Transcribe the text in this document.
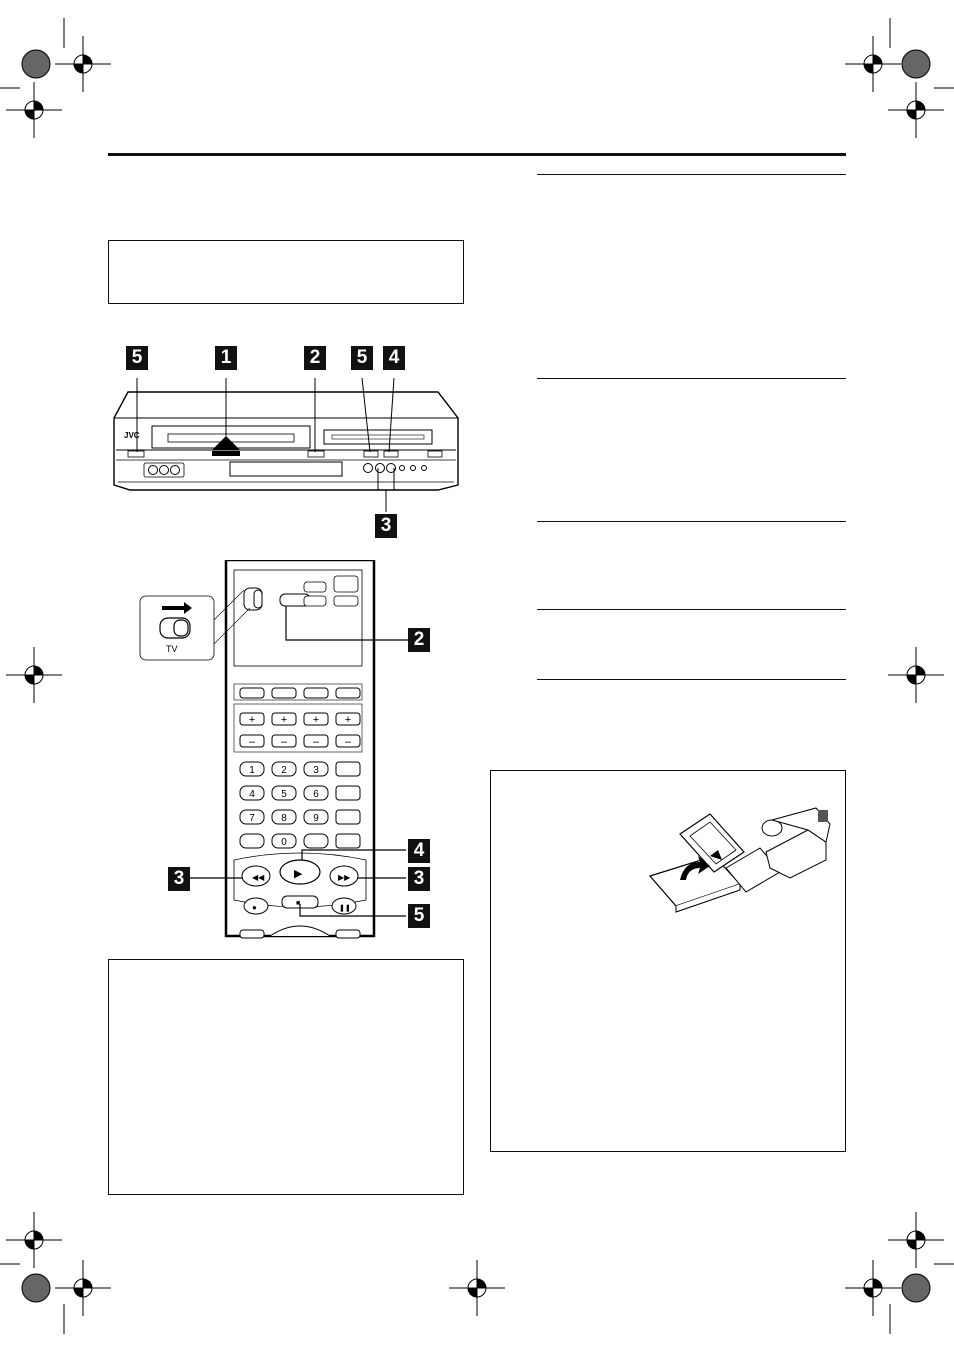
JVC
5	1	2	5	4
3
TV
+ + + +
– – – –
1	2	3
4	5	6
7	8	9
0
◀◀	▶▶
▶
●	❚❚
■
2
4
3	3
5
